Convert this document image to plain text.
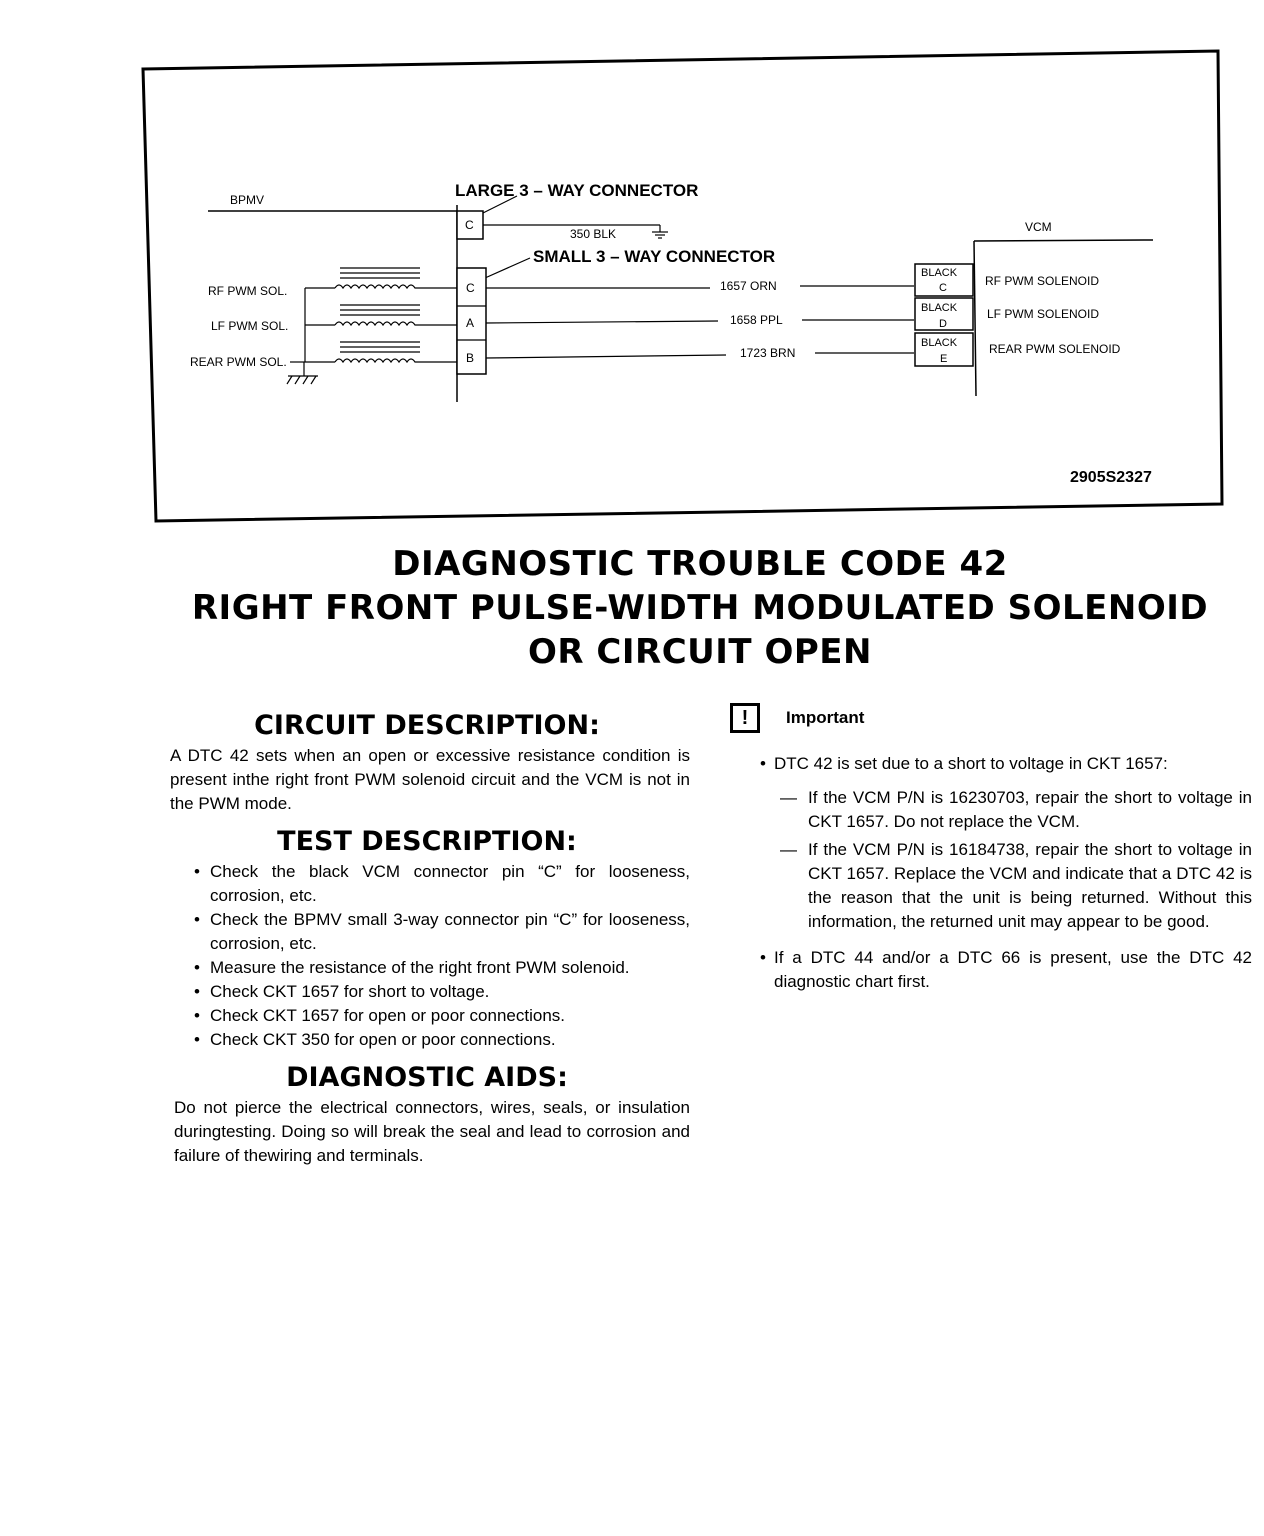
BPMV
C
LARGE 3 – WAY CONNECTOR
350 BLK
SMALL 3 – WAY CONNECTOR
C
A
B
RF PWM SOL.
LF PWM SOL.
REAR PWM SOL.
1657 ORN
1658 PPL
1723 BRN
VCM
BLACK
C
BLACK
D
BLACK
E
RF PWM SOLENOID
LF PWM SOLENOID
REAR PWM SOLENOID
2905S2327
DIAGNOSTIC TROUBLE CODE 42
RIGHT FRONT PULSE-WIDTH MODULATED SOLENOID
OR CIRCUIT OPEN
CIRCUIT DESCRIPTION:

A DTC 42 sets when an open or excessive resistance condition is present inthe right front PWM solenoid circuit and the VCM is not in the PWM mode.

TEST DESCRIPTION:
• Check the black VCM connector pin “C” for looseness, corrosion, etc.
• Check the BPMV small 3-way connector pin “C” for looseness, corrosion, etc.
• Measure the resistance of the right front PWM solenoid.
• Check CKT 1657 for short to voltage.
• Check CKT 1657 for open or poor connections.
• Check CKT 350 for open or poor connections.
DIAGNOSTIC AIDS:

Do not pierce the electrical connectors, wires, seals, or insulation duringtesting. Doing so will break the seal and lead to corrosion and failure of thewiring and terminals.

!	Important
• DTC 42 is set due to a short to voltage in CKT 1657:
— If the VCM P/N is 16230703, repair the short to voltage in CKT 1657. Do not replace the VCM.
— If the VCM P/N is 16184738, repair the short to voltage in CKT 1657. Replace the VCM and indicate that a DTC 42 is the reason that the unit is being returned. Without this information, the returned unit may appear to be good.
• If a DTC 44 and/or a DTC 66 is present, use the DTC 42 diagnostic chart first.
